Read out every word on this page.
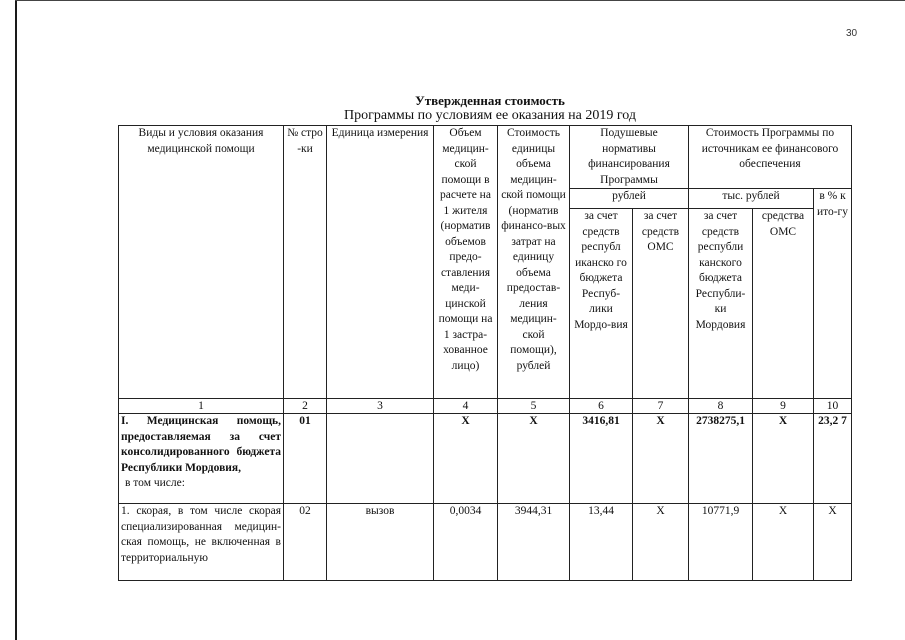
30
Утвержденная стоимость
Программы по условиям ее оказания на 2019 год
Виды и условия оказания медицинской помощи	№ стро -ки	Единица измерения	Объем медицин-ской помощи в расчете на 1 жителя (норматив объемов предо-ставления меди-цинской помощи на 1 застра-хованное лицо)	Стоимость единицы объема медицин-ской помощи (норматив финансо-вых затрат на единицу объема предостав-ления медицин-ской помощи), рублей	Подушевые нормативы финансирования Программы		Стоимость Программы по источникам ее финансового обеспечения		
					рублей		тыс. рублей		в % к ито-гу
					за счет средств республ иканско го бюджета Респуб-лики Мордо-вия	за счет средств ОМС	за счет средств республи канского бюджета Республи-ки Мордовия	средства ОМС	
1	2	3	4	5	6	7	8	9	10
I. Медицинская помощь, предоставляемая за счет консолидированного бюджета Республики Мордовия,
в том числе:	01		X	X	3416,81	X	2738275,1	X	23,2 7
1. скорая, в том числе скорая специализированная медицин-ская помощь, не включенная в территориальную	02	вызов	0,0034	3944,31	13,44	X	10771,9	X	X
